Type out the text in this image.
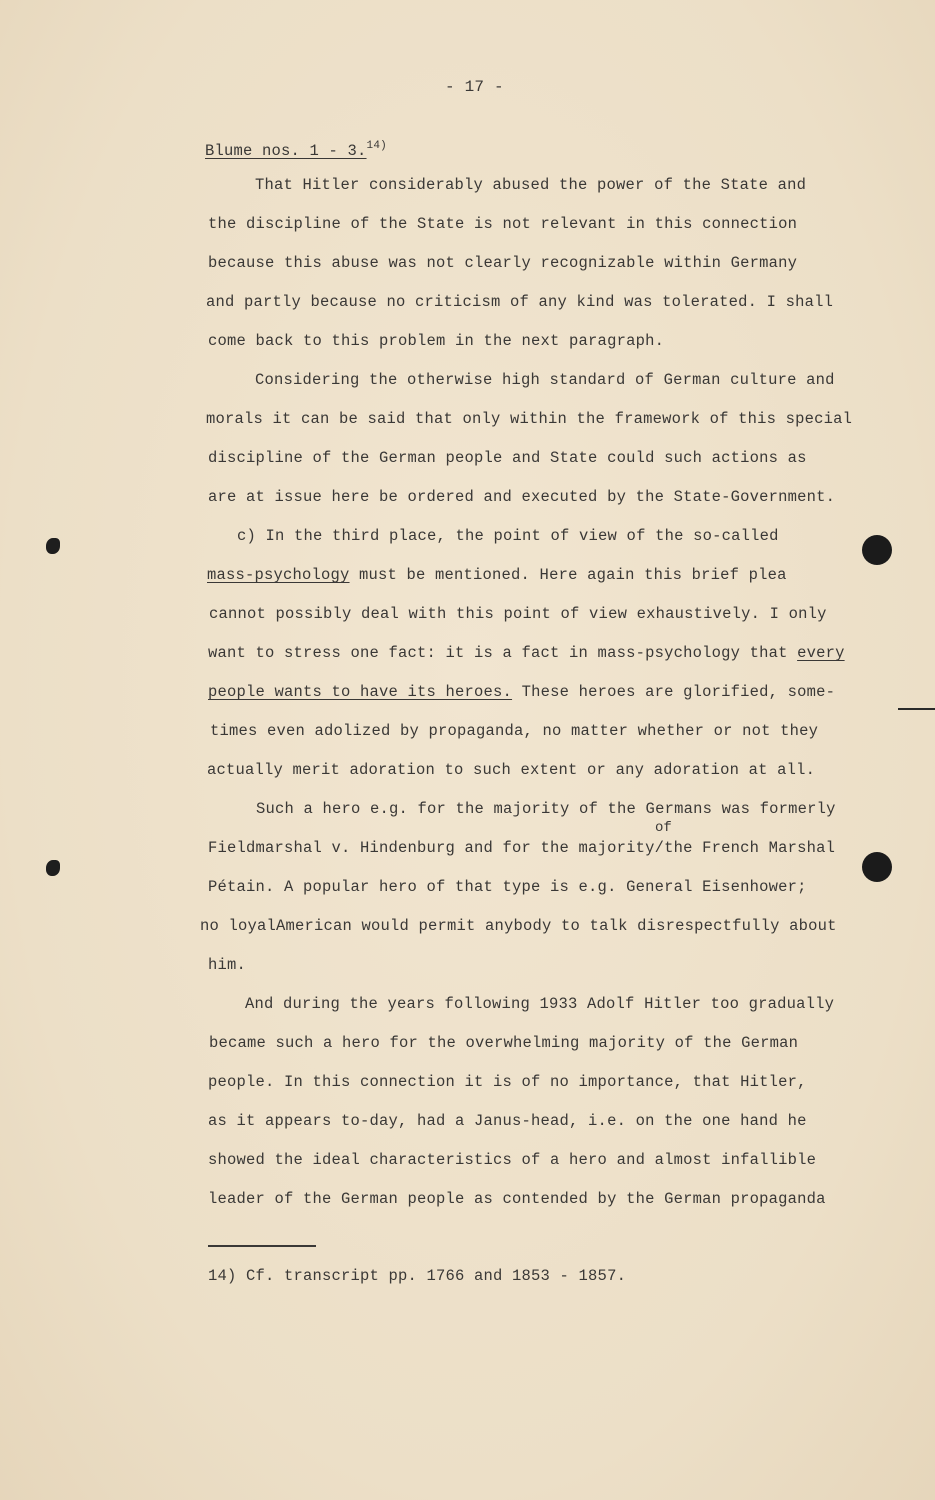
- 17 -
Blume nos. 1 - 3.$^{14)}$
That Hitler considerably abused the power of the State and
the discipline of the State is not relevant in this connection
because this abuse was not clearly recognizable within Germany
and partly because no criticism of any kind was tolerated. I shall
come back to this problem in the next paragraph.
Considering the otherwise high standard of German culture and
morals it can be said that only within the framework of this special
discipline of the German people and State could such actions as
are at issue here be ordered and executed by the State-Government.
c) In the third place, the point of view of the so-called
mass-psychology must be mentioned. Here again this brief plea
cannot possibly deal with this point of view exhaustively. I only
want to stress one fact: it is a fact in mass-psychology that every
people wants to have its heroes. These heroes are glorified, some-
times even adolized by propaganda, no matter whether or not they
actually merit adoration to such extent or any adoration at all.
Such a hero e.g. for the majority of the Germans was formerly
of
Fieldmarshal v. Hindenburg and for the majority/the French Marshal
Pétain. A popular hero of that type is e.g. General Eisenhower;
no loyalAmerican would permit anybody to talk disrespectfully about
him.
And during the years following 1933 Adolf Hitler too gradually
became such a hero for the overwhelming majority of the German
people. In this connection it is of no importance, that Hitler,
as it appears to-day, had a Janus-head, i.e. on the one hand he
showed the ideal characteristics of a hero and almost infallible
leader of the German people as contended by the German propaganda
14) Cf. transcript pp. 1766 and 1853 - 1857.
